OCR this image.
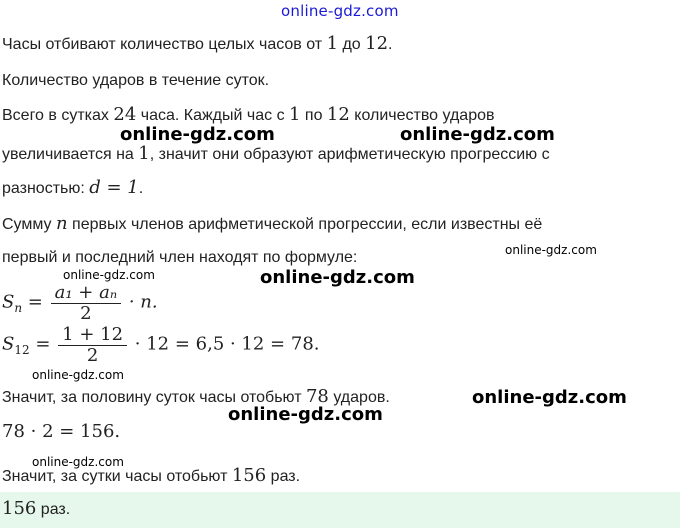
online-gdz.com
Часы отбивают количество целых часов от 1 до 12.
Количество ударов в течение суток.
Всего в сутках 24 часа. Каждый час с 1 по 12 количество ударов
online-gdz.com	online-gdz.com
увеличивается на 1, значит они образуют арифметическую прогрессию с
разностью: d = 1.
Сумму n первых членов арифметической прогрессии, если известны её
первый и последний член находят по формуле:	online-gdz.com
online-gdz.com	online-gdz.com
$S_n = \frac{\text{a₁ + aₙ}}{2} \cdot n$.
$S_{12} = \frac{1 + 12}{2} \cdot 12 = 6,5 \cdot 12 = 78$.
online-gdz.com
Значит, за половину суток часы отобьют 78 ударов.	online-gdz.com
online-gdz.com
78 · 2 = 156.
online-gdz.com
Значит, за сутки часы отобьют 156 раз.
156 раз.
